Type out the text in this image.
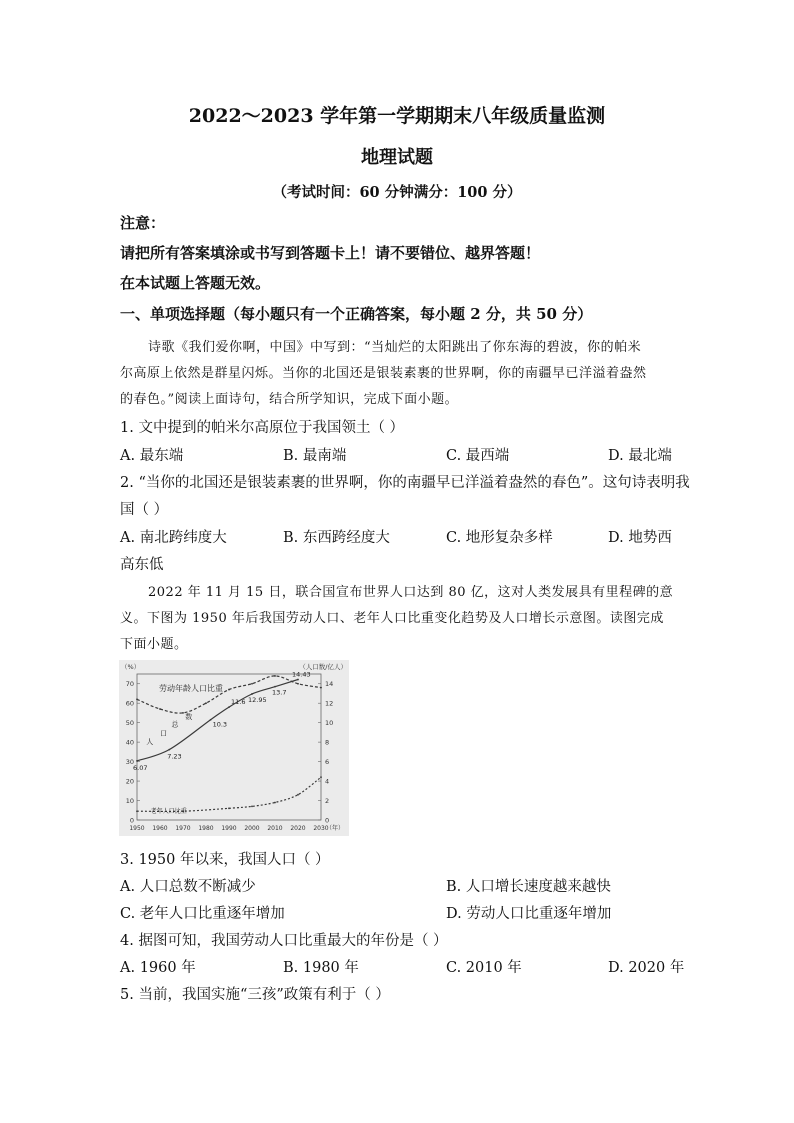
2022～2023 学年第一学期期末八年级质量监测
地理试题
（考试时间：60 分钟满分：100 分）
注意：
请把所有答案填涂或书写到答题卡上！请不要错位、越界答题！
在本试题上答题无效。
一、单项选择题（每小题只有一个正确答案，每小题 2 分，共 50 分）
诗歌《我们爱你啊，中国》中写到：“当灿烂的太阳跳出了你东海的碧波，你的帕米
尔高原上依然是群星闪烁。当你的北国还是银装素裹的世界啊，你的南疆早已洋溢着盎然
的春色。”阅读上面诗句，结合所学知识，完成下面小题。
1. 文中提到的帕米尔高原位于我国领土（ ）
A. 最东端	B. 最南端	C. 最西端	D. 最北端
2. “当你的北国还是银装素裹的世界啊，你的南疆早已洋溢着盎然的春色”。这句诗表明我
国（ ）
A. 南北跨纬度大	B. 东西跨经度大	C. 地形复杂多样	D. 地势西
高东低
2022 年 11 月 15 日，联合国宣布世界人口达到 80 亿，这对人类发展具有里程碑的意
义。下图为 1950 年后我国劳动人口、老年人口比重变化趋势及人口增长示意图。读图完成
下面小题。
0
10
20
30
40
50
60
70
0
2
4
6
8
10
12
14
1950 1960 1970 1980 1990 2000 2010 2020 2030
（年）
（%）	（人口数/亿人）
6.07
7.23
10.3
11.6 12.95
13.7
14.43
劳动年龄人口比重
人
口
总
数
老年人口比重
3. 1950 年以来，我国人口（ ）
A. 人口总数不断减少	B. 人口增长速度越来越快
C. 老年人口比重逐年增加	D. 劳动人口比重逐年增加
4. 据图可知，我国劳动人口比重最大的年份是（ ）
A. 1960 年	B. 1980 年	C. 2010 年	D. 2020 年
5. 当前，我国实施“三孩”政策有利于（ ）
